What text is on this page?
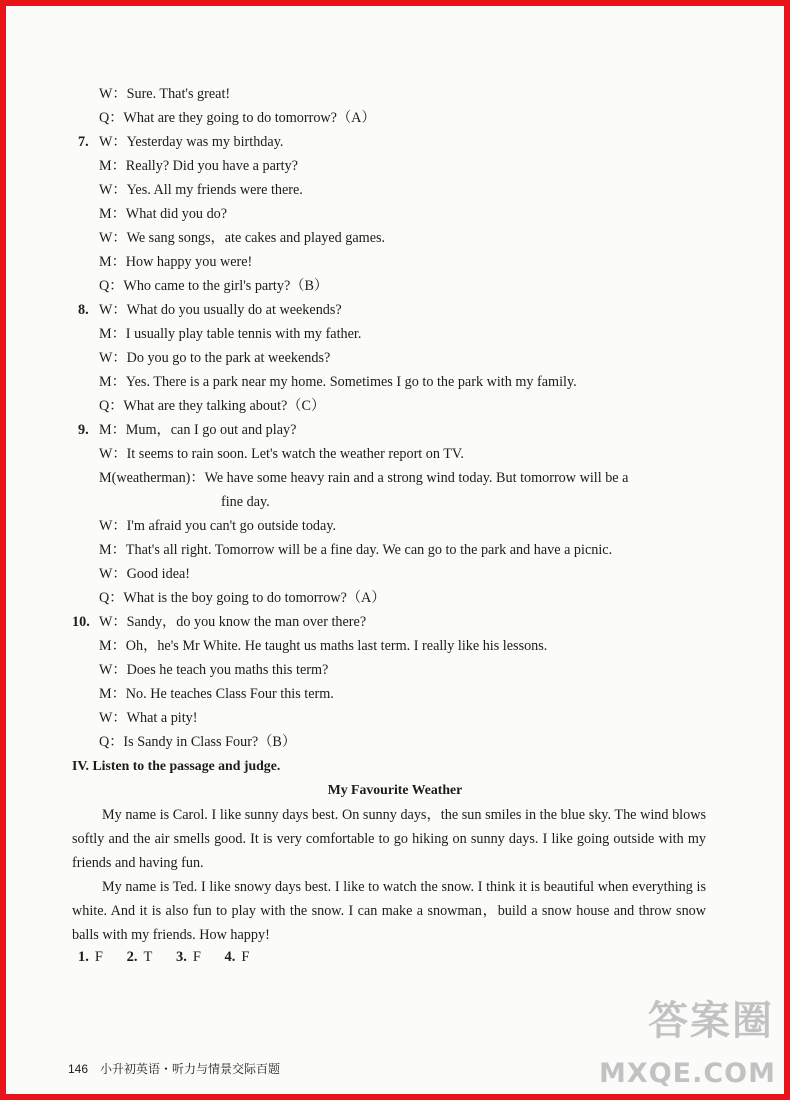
W：Sure. That's great!
Q：What are they going to do tomorrow?（A）
7. W：Yesterday was my birthday.
M：Really? Did you have a party?
W：Yes. All my friends were there.
M：What did you do?
W：We sang songs，ate cakes and played games.
M：How happy you were!
Q：Who came to the girl's party?（B）
8. W：What do you usually do at weekends?
M：I usually play table tennis with my father.
W：Do you go to the park at weekends?
M：Yes. There is a park near my home. Sometimes I go to the park with my family.
Q：What are they talking about?（C）
9. M：Mum，can I go out and play?
W：It seems to rain soon. Let's watch the weather report on TV.
M(weatherman)：We have some heavy rain and a strong wind today. But tomorrow will be a
fine day.
W：I'm afraid you can't go outside today.
M：That's all right. Tomorrow will be a fine day. We can go to the park and have a picnic.
W：Good idea!
Q：What is the boy going to do tomorrow?（A）
10. W：Sandy，do you know the man over there?
M：Oh，he's Mr White. He taught us maths last term. I really like his lessons.
W：Does he teach you maths this term?
M：No. He teaches Class Four this term.
W：What a pity!
Q：Is Sandy in Class Four?（B）
IV. Listen to the passage and judge.
My Favourite Weather

My name is Carol. I like sunny days best. On sunny days，the sun smiles in the blue sky. The wind blows softly and the air smells good. It is very comfortable to go hiking on sunny days. I like going outside with my friends and having fun.

My name is Ted. I like snowy days best. I like to watch the snow. I think it is beautiful when everything is white. And it is also fun to play with the snow. I can make a snowman，build a snow house and throw snow balls with my friends. How happy!

1. F 2. T 3. F 4. F
146 小升初英语・听力与情景交际百题
答案圈
MXQE.COM
